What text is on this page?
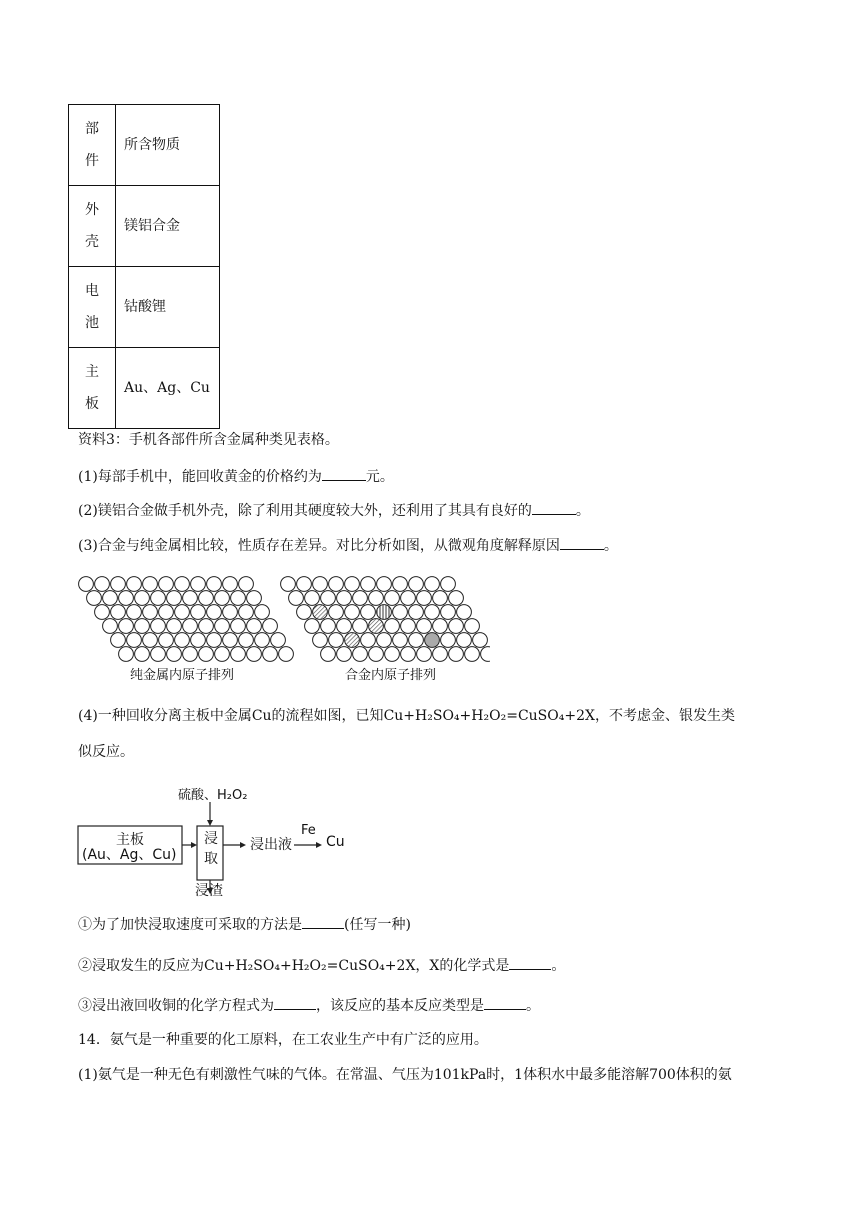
部件	所含物质
外壳	镁铝合金
电池	钴酸锂
主板	Au、Ag、Cu
资料3：手机各部件所含金属种类见表格。
(1)每部手机中，能回收黄金的价格约为	元。
(2)镁铝合金做手机外壳，除了利用其硬度较大外，还利用了其具有良好的	。
(3)合金与纯金属相比较，性质存在差异。对比分析如图，从微观角度解释原因	。
纯金属内原子排列	合金内原子排列
(4)一种回收分离主板中金属Cu的流程如图，已知Cu+H₂SO₄+H₂O₂=CuSO₄+2X，不考虑金、银发生类
似反应。
硫酸、H₂O₂
主板
(Au、Ag、Cu)
浸
取
浸出液
Fe
Cu
浸渣
①为了加快浸取速度可采取的方法是	(任写一种)
②浸取发生的反应为Cu+H₂SO₄+H₂O₂=CuSO₄+2X，X的化学式是	。
③浸出液回收铜的化学方程式为	，该反应的基本反应类型是	。
14．氨气是一种重要的化工原料，在工农业生产中有广泛的应用。
(1)氨气是一种无色有刺激性气味的气体。在常温、气压为101kPa时，1体积水中最多能溶解700体积的氨
